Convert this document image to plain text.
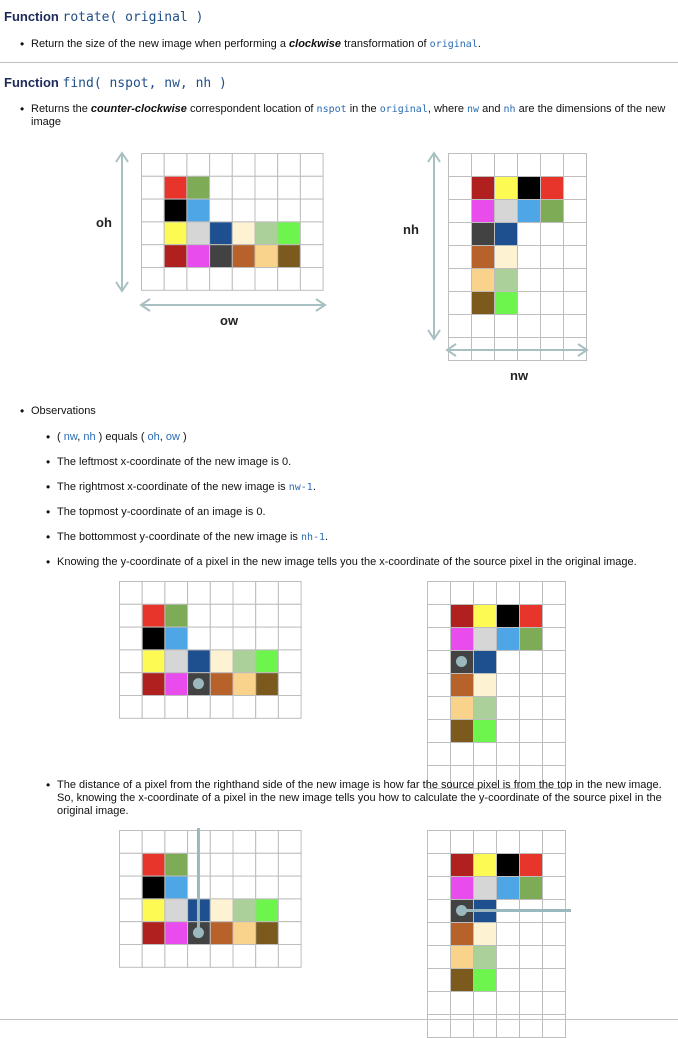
Function rotate( original )
• Return the size of the new image when performing a clockwise transformation of original.
Function find( nspot, nw, nh )
• Returns the counter-clockwise correspondent location of nspot in the original, where nw and nh are the dimensions of the new image
oh
ow
nh
nw
• Observations
• ( nw, nh ) equals ( oh, ow )
• The leftmost x-coordinate of the new image is 0.
• The rightmost x-coordinate of the new image is nw-1.
• The topmost y-coordinate of an image is 0.
• The bottommost y-coordinate of the new image is nh-1.
• Knowing the y-coordinate of a pixel in the new image tells you the x-coordinate of the source pixel in the original image.
• The distance of a pixel from the righthand side of the new image is how far the source pixel is from the top in the new image. So, knowing the x-coordinate of a pixel in the new image tells you how to calculate the y-coordinate of the source pixel in the original image.
